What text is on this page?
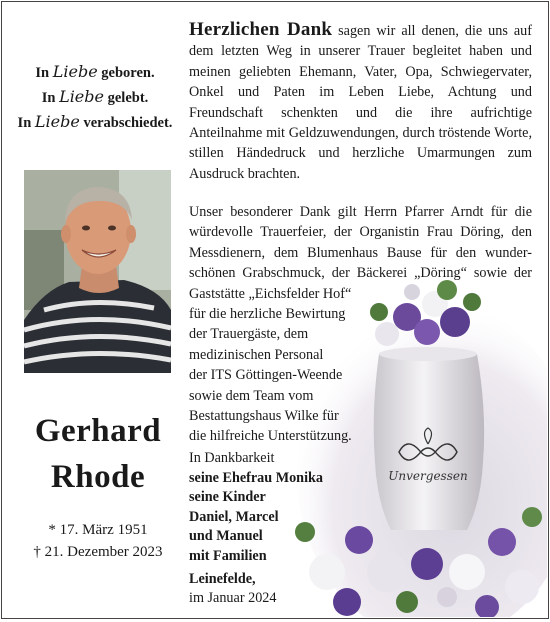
In Liebe geboren.
In Liebe gelebt.
In Liebe verabschiedet.
Gerhard
Rhode
* 17. März 1951
† 21. Dezember 2023
Herzlichen Dank sagen wir all denen, die uns auf dem letzten Weg in unserer Trauer begleitet haben und meinen geliebten Ehemann, Vater, Opa, Schwiegervater, Onkel und Paten im Leben Liebe, Achtung und Freundschaft schenkten und die ihre aufrichtige Anteilnahme mit Geldzuwendungen, durch tröstende Worte, stillen Händedruck und herzliche Umarmungen zum Ausdruck brachten.
Unvergessen
Unser besonderer Dank gilt Herrn Pfarrer Arndt für die
würdevolle Trauerfeier, der Organistin Frau Döring, den
Messdienern, dem Blumenhaus Bause für den wunder-
schönen Grabschmuck, der Bäckerei „Döring“ sowie der
Gaststätte „Eichsfelder Hof“
für die herzliche Bewirtung
der Trauergäste, dem
medizinischen Personal
der ITS Göttingen-Weende
sowie dem Team vom
Bestattungshaus Wilke für
die hilfreiche Unterstützung.
In Dankbarkeit
seine Ehefrau Monika
seine Kinder
Daniel, Marcel
und Manuel
mit Familien
Leinefelde,
im Januar 2024
